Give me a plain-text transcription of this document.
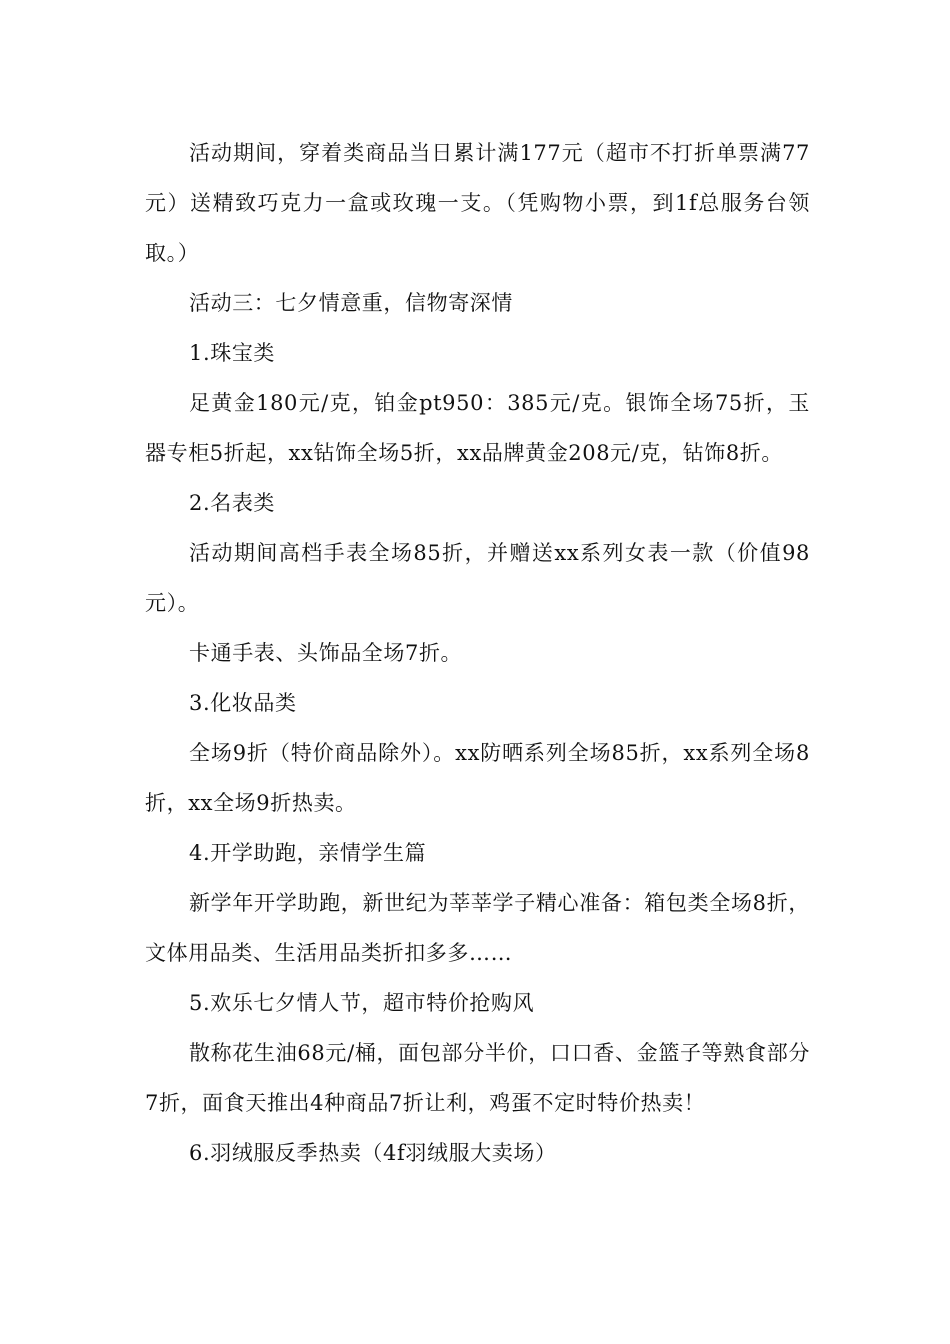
活动期间，穿着类商品当日累计满177元（超市不打折单票满77元）送精致巧克力一盒或玫瑰一支。（凭购物小票，到1f总服务台领取。）

活动三：七夕情意重，信物寄深情

1.珠宝类

足黄金180元/克，铂金pt950：385元/克。银饰全场75折，玉器专柜5折起，xx钻饰全场5折，xx品牌黄金208元/克，钻饰8折。

2.名表类

活动期间高档手表全场85折，并赠送xx系列女表一款（价值98元）。

卡通手表、头饰品全场7折。

3.化妆品类

全场9折（特价商品除外）。xx防晒系列全场85折，xx系列全场8折，xx全场9折热卖。

4.开学助跑，亲情学生篇

新学年开学助跑，新世纪为莘莘学子精心准备：箱包类全场8折，文体用品类、生活用品类折扣多多……

5.欢乐七夕情人节，超市特价抢购风

散称花生油68元/桶，面包部分半价，口口香、金篮子等熟食部分7折，面食天推出4种商品7折让利，鸡蛋不定时特价热卖！

6.羽绒服反季热卖（4f羽绒服大卖场）
